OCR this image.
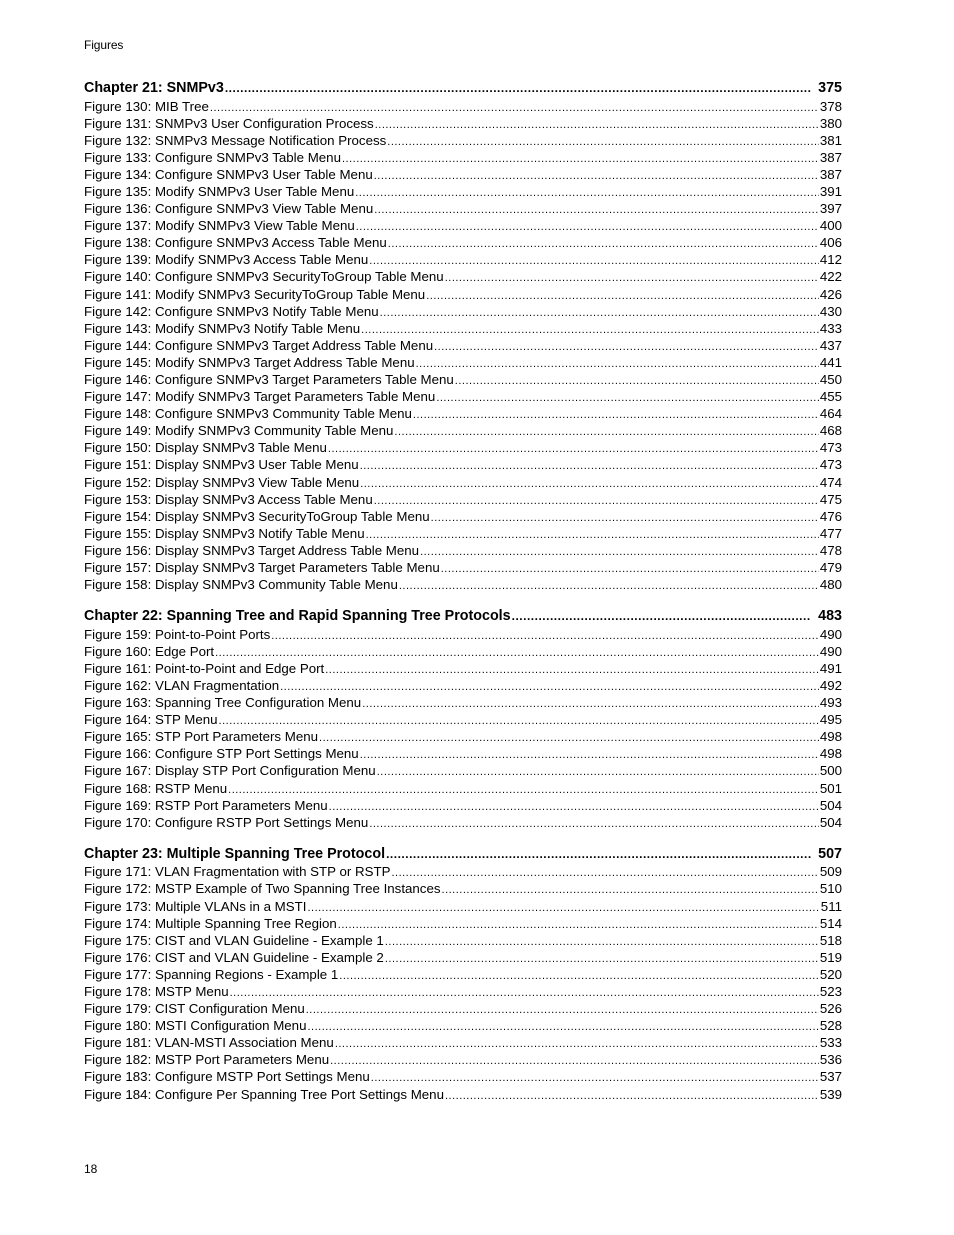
Figures
Chapter 21: SNMPv3 .....	375
Figure 130: MIB Tree .....	378
Figure 131: SNMPv3 User Configuration Process .....	380
Figure 132: SNMPv3 Message Notification Process .....	381
Figure 133: Configure SNMPv3 Table Menu .....	387
Figure 134: Configure SNMPv3 User Table Menu .....	387
Figure 135: Modify SNMPv3 User Table Menu .....	391
Figure 136: Configure SNMPv3 View Table Menu .....	397
Figure 137: Modify SNMPv3 View Table Menu .....	400
Figure 138: Configure SNMPv3 Access Table Menu .....	406
Figure 139: Modify SNMPv3 Access Table Menu .....	412
Figure 140: Configure SNMPv3 SecurityToGroup Table Menu .....	422
Figure 141: Modify SNMPv3 SecurityToGroup Table Menu .....	426
Figure 142: Configure SNMPv3 Notify Table Menu .....	430
Figure 143: Modify SNMPv3 Notify Table Menu .....	433
Figure 144: Configure SNMPv3 Target Address Table Menu .....	437
Figure 145: Modify SNMPv3 Target Address Table Menu .....	441
Figure 146: Configure SNMPv3 Target Parameters Table Menu .....	450
Figure 147: Modify SNMPv3 Target Parameters Table Menu .....	455
Figure 148: Configure SNMPv3 Community Table Menu .....	464
Figure 149: Modify SNMPv3 Community Table Menu .....	468
Figure 150: Display SNMPv3 Table Menu .....	473
Figure 151: Display SNMPv3 User Table Menu .....	473
Figure 152: Display SNMPv3 View Table Menu .....	474
Figure 153: Display SNMPv3 Access Table Menu .....	475
Figure 154: Display SNMPv3 SecurityToGroup Table Menu .....	476
Figure 155: Display SNMPv3 Notify Table Menu .....	477
Figure 156: Display SNMPv3 Target Address Table Menu .....	478
Figure 157: Display SNMPv3 Target Parameters Table Menu .....	479
Figure 158: Display SNMPv3 Community Table Menu .....	480
Chapter 22: Spanning Tree and Rapid Spanning Tree Protocols .....	483
Figure 159: Point-to-Point Ports .....	490
Figure 160: Edge Port .....	490
Figure 161: Point-to-Point and Edge Port .....	491
Figure 162: VLAN Fragmentation .....	492
Figure 163: Spanning Tree Configuration Menu .....	493
Figure 164: STP Menu .....	495
Figure 165: STP Port Parameters Menu .....	498
Figure 166: Configure STP Port Settings Menu .....	498
Figure 167: Display STP Port Configuration Menu .....	500
Figure 168: RSTP Menu .....	501
Figure 169: RSTP Port Parameters Menu .....	504
Figure 170: Configure RSTP Port Settings Menu .....	504
Chapter 23: Multiple Spanning Tree Protocol .....	507
Figure 171: VLAN Fragmentation with STP or RSTP .....	509
Figure 172: MSTP Example of Two Spanning Tree Instances .....	510
Figure 173: Multiple VLANs in a MSTI .....	511
Figure 174: Multiple Spanning Tree Region .....	514
Figure 175: CIST and VLAN Guideline - Example 1 .....	518
Figure 176: CIST and VLAN Guideline - Example 2 .....	519
Figure 177: Spanning Regions - Example 1 .....	520
Figure 178: MSTP Menu .....	523
Figure 179: CIST Configuration Menu .....	526
Figure 180: MSTI Configuration Menu .....	528
Figure 181: VLAN-MSTI Association Menu .....	533
Figure 182: MSTP Port Parameters Menu .....	536
Figure 183: Configure MSTP Port Settings Menu .....	537
Figure 184: Configure Per Spanning Tree Port Settings Menu .....	539
18
